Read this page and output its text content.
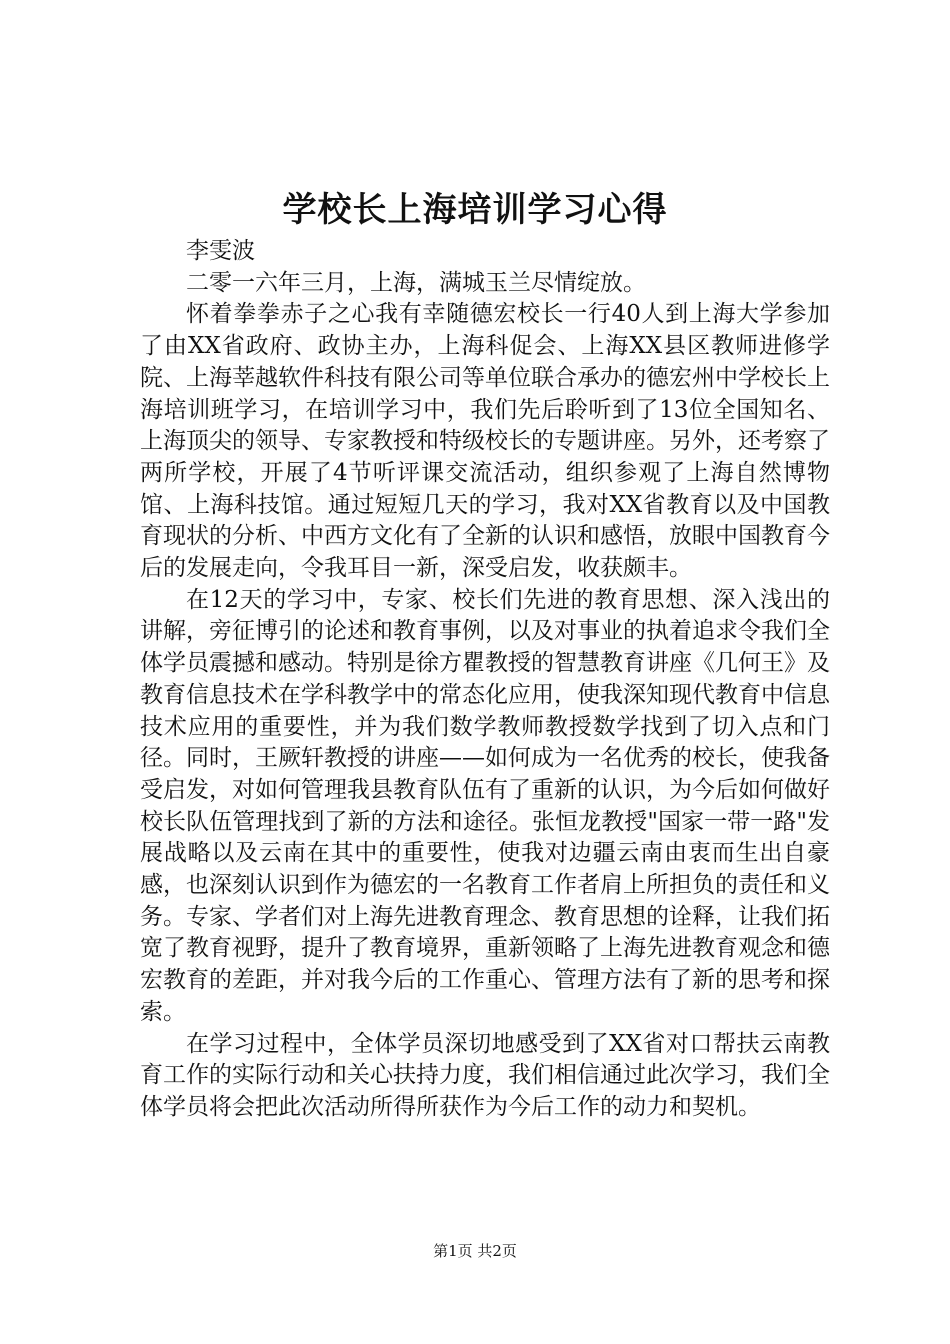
学校长上海培训学习心得

李雯波

二零一六年三月，上海，满城玉兰尽情绽放。

怀着拳拳赤子之心我有幸随德宏校长一行40人到上海大学参加了由XX省政府、政协主办，上海科促会、上海XX县区教师进修学院、上海莘越软件科技有限公司等单位联合承办的德宏州中学校长上海培训班学习，在培训学习中，我们先后聆听到了13位全国知名、上海顶尖的领导、专家教授和特级校长的专题讲座。另外，还考察了两所学校，开展了4节听评课交流活动，组织参观了上海自然博物馆、上海科技馆。通过短短几天的学习，我对XX省教育以及中国教育现状的分析、中西方文化有了全新的认识和感悟，放眼中国教育今后的发展走向，令我耳目一新，深受启发，收获颇丰。

在12天的学习中，专家、校长们先进的教育思想、深入浅出的讲解，旁征博引的论述和教育事例，以及对事业的执着追求令我们全体学员震撼和感动。特别是徐方瞿教授的智慧教育讲座《几何王》及教育信息技术在学科教学中的常态化应用，使我深知现代教育中信息技术应用的重要性，并为我们数学教师教授数学找到了切入点和门径。同时，王厥轩教授的讲座——如何成为一名优秀的校长，使我备受启发，对如何管理我县教育队伍有了重新的认识，为今后如何做好校长队伍管理找到了新的方法和途径。张恒龙教授"国家一带一路"发展战略以及云南在其中的重要性，使我对边疆云南由衷而生出自豪感，也深刻认识到作为德宏的一名教育工作者肩上所担负的责任和义务。专家、学者们对上海先进教育理念、教育思想的诠释，让我们拓宽了教育视野，提升了教育境界，重新领略了上海先进教育观念和德宏教育的差距，并对我今后的工作重心、管理方法有了新的思考和探索。

在学习过程中，全体学员深切地感受到了XX省对口帮扶云南教育工作的实际行动和关心扶持力度，我们相信通过此次学习，我们全体学员将会把此次活动所得所获作为今后工作的动力和契机。

第1页 共2页
